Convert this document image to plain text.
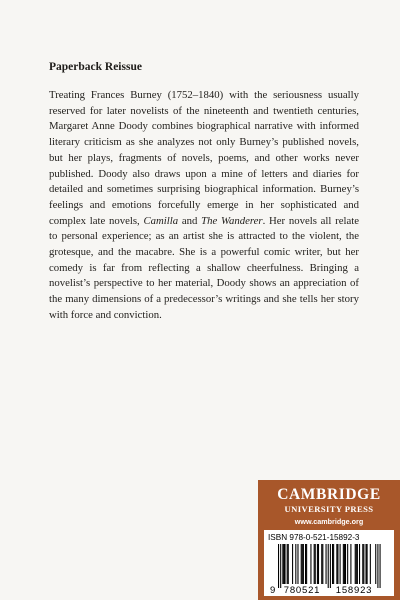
Paperback Reissue

Treating Frances Burney (1752–1840) with the seriousness usually reserved for later novelists of the nineteenth and twentieth centuries, Margaret Anne Doody combines biographical narrative with informed literary criticism as she analyzes not only Burney’s published novels, but her plays, fragments of novels, poems, and other works never published. Doody also draws upon a mine of letters and diaries for detailed and sometimes surprising biographical information. Burney’s feelings and emotions forcefully emerge in her sophisticated and complex late novels, Camilla and The Wanderer. Her novels all relate to personal experience; as an artist she is attracted to the violent, the grotesque, and the macabre. She is a powerful comic writer, but her comedy is far from reflecting a shallow cheerfulness. Bringing a novelist’s perspective to her material, Doody shows an appreciation of the many dimensions of a predecessor’s writings and she tells her story with force and conviction.

CAMBRIDGE
UNIVERSITY PRESS
www.cambridge.org
ISBN 978-0-521-15892-3
9 780521 158923
